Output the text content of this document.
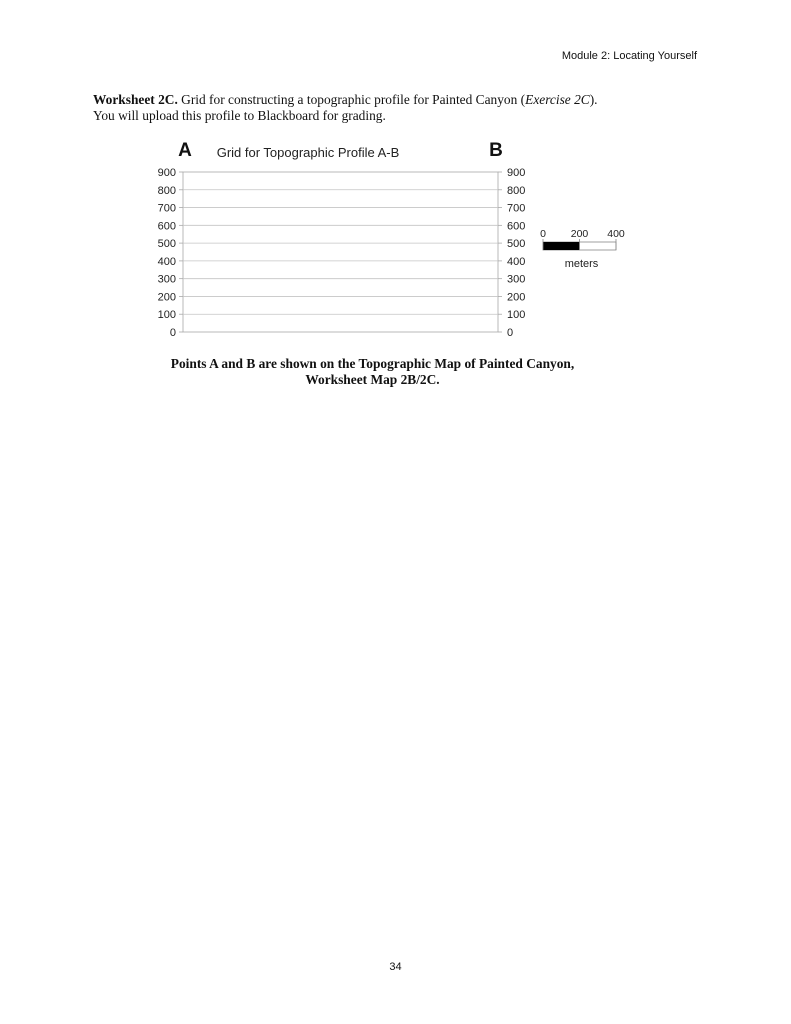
Module 2: Locating Yourself
Worksheet 2C. Grid for constructing a topographic profile for Painted Canyon (Exercise 2C).
You will upload this profile to Blackboard for grading.
900	900
800	800
700	700
600	600
500	500
400	400
300	300
200	200
100	100
0	0
A Grid for Topographic Profile A-B	B
0 200 400
meters
Points A and B are shown on the Topographic Map of Painted Canyon,
Worksheet Map 2B/2C.
34
